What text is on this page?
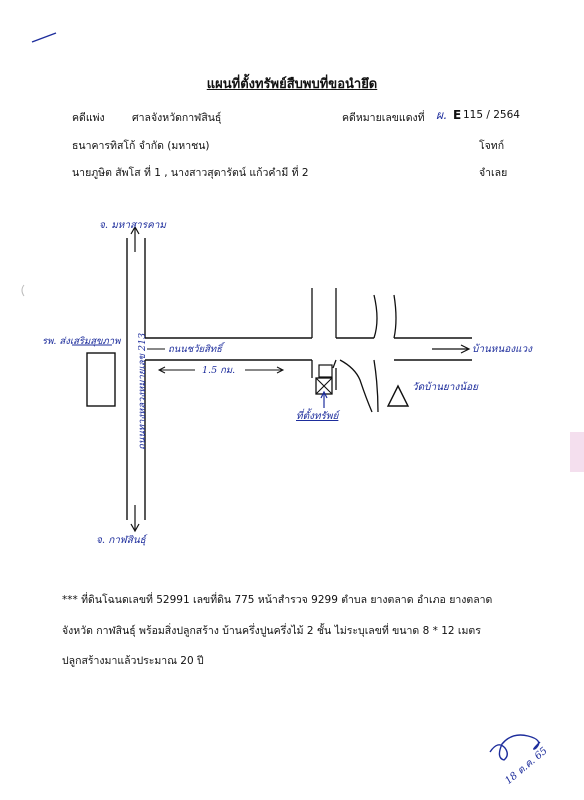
แผนที่ตั้งทรัพย์สืบพบที่ขอนำยึด
คดีแพ่ง	ศาลจังหวัดกาฬสินธุ์	คดีหมายเลขแดงที่ ผ. E 115 / 2564
ธนาคารทิสโก้ จำกัด (มหาชน)	โจทก์
นายภูษิต สัพโส ที่ 1 , นางสาวสุดารัตน์ แก้วคำมี ที่ 2	จำเลย
จ. มหาสารคาม
จ. กาฬสินธุ์
ถนนทางหลวงหมายเลข 213 ถนนชวัยสิทธิ์
1.5 กม.
บ้านหนองแวง
วัดบ้านยางน้อย
รพ. ส่งเสริมสุขภาพ
ที่ตั้งทรัพย์
*** ที่ดินโฉนดเลขที่ 52991 เลขที่ดิน 775 หน้าสำรวจ 9299 ตำบล ยางตลาด อำเภอ ยางตลาด
จังหวัด กาฬสินธุ์ พร้อมสิ่งปลูกสร้าง บ้านครึ่งปูนครึ่งไม้ 2 ชั้น ไม่ระบุเลขที่ ขนาด 8 * 12 เมตร
ปลูกสร้างมาแล้วประมาณ 20 ปี
18 ต.ค. 65
